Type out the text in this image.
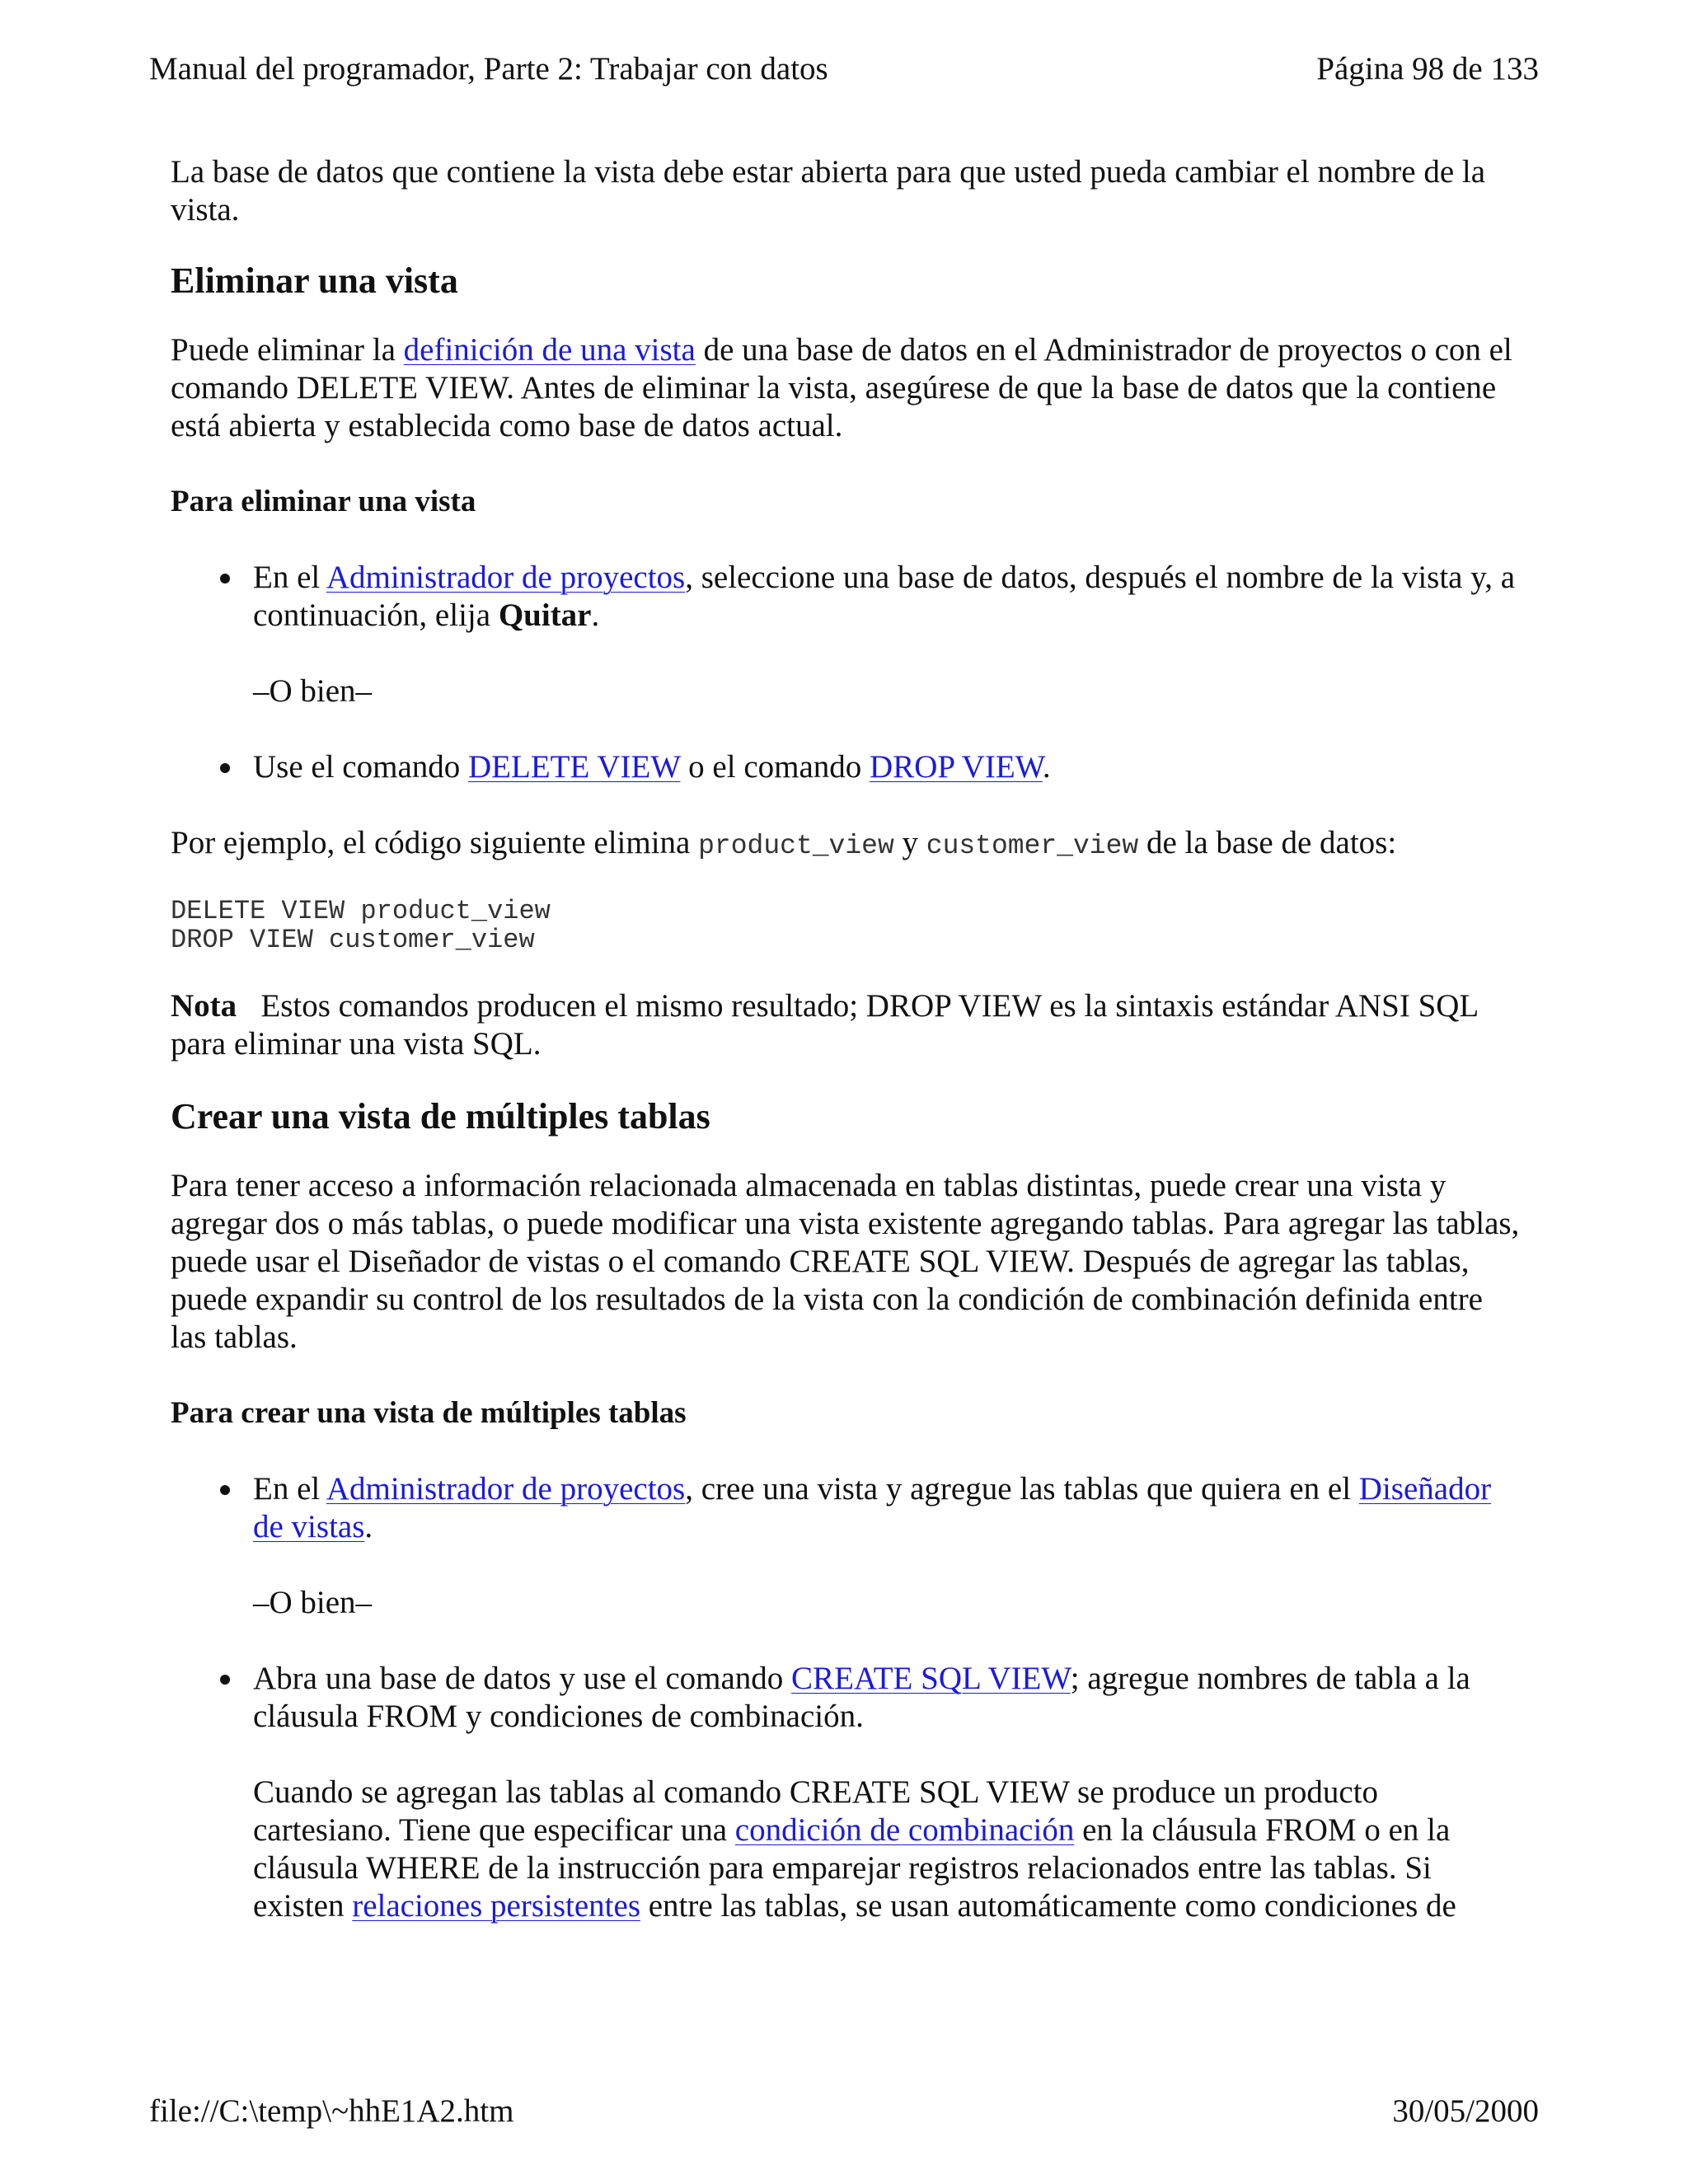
Manual del programador, Parte 2: Trabajar con datos	Página 98 de 133

La base de datos que contiene la vista debe estar abierta para que usted pueda cambiar el nombre de la vista.

Eliminar una vista

Puede eliminar la definición de una vista de una base de datos en el Administrador de proyectos o con el comando DELETE VIEW. Antes de eliminar la vista, asegúrese de que la base de datos que la contiene está abierta y establecida como base de datos actual.

Para eliminar una vista

En el Administrador de proyectos, seleccione una base de datos, después el nombre de la vista y, a continuación, elija Quitar.

–O bien–

Use el comando DELETE VIEW o el comando DROP VIEW.

Por ejemplo, el código siguiente elimina product_view y customer_view de la base de datos:

DELETE VIEW product_view
DROP VIEW customer_view

Nota   Estos comandos producen el mismo resultado; DROP VIEW es la sintaxis estándar ANSI SQL para eliminar una vista SQL.

Crear una vista de múltiples tablas

Para tener acceso a información relacionada almacenada en tablas distintas, puede crear una vista y agregar dos o más tablas, o puede modificar una vista existente agregando tablas. Para agregar las tablas, puede usar el Diseñador de vistas o el comando CREATE SQL VIEW. Después de agregar las tablas, puede expandir su control de los resultados de la vista con la condición de combinación definida entre las tablas.

Para crear una vista de múltiples tablas

En el Administrador de proyectos, cree una vista y agregue las tablas que quiera en el Diseñador de vistas.

–O bien–

Abra una base de datos y use el comando CREATE SQL VIEW; agregue nombres de tabla a la cláusula FROM y condiciones de combinación.

Cuando se agregan las tablas al comando CREATE SQL VIEW se produce un producto cartesiano. Tiene que especificar una condición de combinación en la cláusula FROM o en la cláusula WHERE de la instrucción para emparejar registros relacionados entre las tablas. Si

existen relaciones persistentes entre las tablas, se usan automáticamente como condiciones de

file://C:\temp\~hhE1A2.htm	30/05/2000
